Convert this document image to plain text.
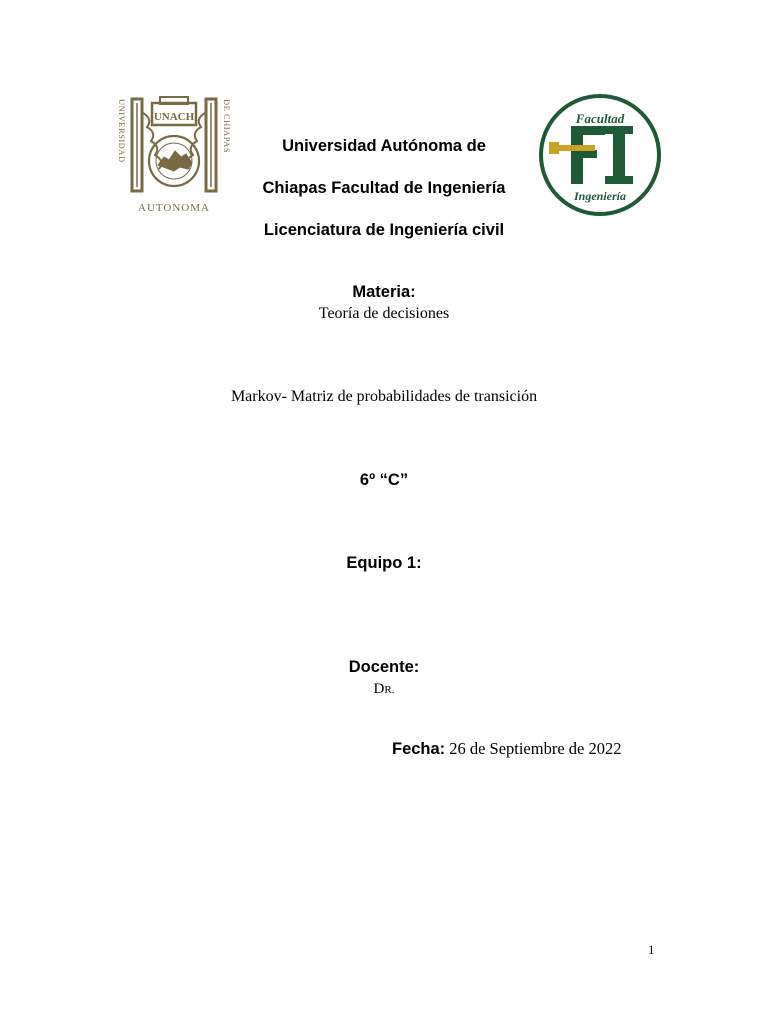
UNACH
UNIVERSIDAD	DE CHIAPAS
AUTONOMA
Universidad Autónoma de
Chiapas Facultad de Ingeniería
Licenciatura de Ingeniería civil
Facultad
Ingeniería
Materia:
Teoría de decisiones
Markov- Matriz de probabilidades de transición
6º “C”
Equipo 1:
Docente:
DR.
Fecha: 26 de Septiembre de 2022
1
